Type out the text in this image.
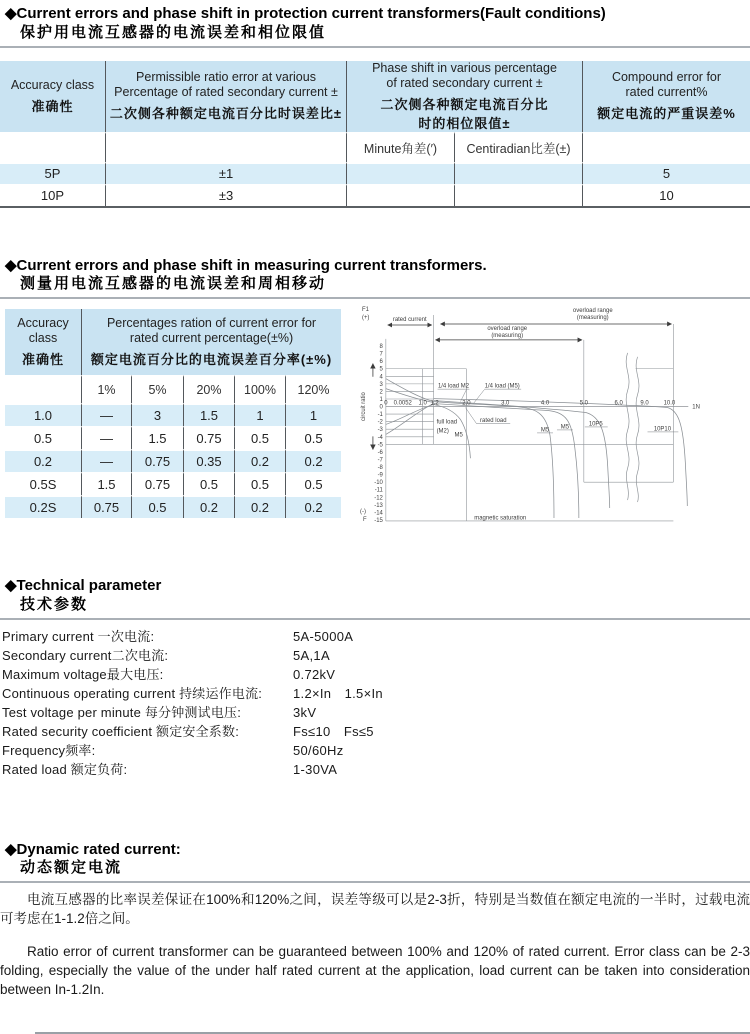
◆Current errors and phase shift in protection current transformers(Fault conditions)
保护用电流互感器的电流误差和相位限值
Accuracy class
准确性

Permissible ratio error at various Percentage of rated secondary current ±
二次侧各种额定电流百分比时误差比±

Phase shift in various percentage of rated secondary current ±
二次侧各种额定电流百分比时的相位限值±

Compound error for rated current%
额定电流的严重误差%

		Minute角差(′)	Centiradian比差(±)	
5P	±1			5
10P	±3			10
◆Current errors and phase shift in measuring current transformers.
测量用电流互感器的电流误差和周相移动
Accuracy class
准确性

Percentages ration of current error for rated current percentage(±%)
额定电流百分比的电流误差百分率(±%)

	1%	5%	20%	100%	120%
1.0	—	3	1.5	1	1
0.5	—	1.5	0.75	0.5	0.5
0.2	—	0.75	0.35	0.2	0.2
0.5S	1.5	0.75	0.5	0.5	0.5
0.2S	0.75	0.5	0.2	0.2	0.2
F1
(+)
(-)
F
circuit ratio	1N
rated current
overload range
(measuring)
overload range
(measuring)
1/4 load M2	1/4 load (M5)
full load
(M2)
M5
rated load
M5 M5	10P5
10P10
magnetic saturation
0 0.0052 1.0 1.2	2.0	3.0	4.0	5.0	6.0	9.0 10.0
8
7
6
5
4
3
2
1
0
-1
-2
-3
-4
-5
-6
-7
-8
-9
-10
-11
-12
-13
-14
-15
◆Technical parameter
技术参数
Primary current 一次电流:	5A-5000A
Secondary current二次电流:	5A,1A
Maximum voltage最大电压:	0.72kV
Continuous operating current 持续运作电流:	1.2×In　1.5×In
Test voltage per minute 每分钟测试电压:	3kV
Rated security coefficient 额定安全系数:	Fs≤10　Fs≤5
Frequency频率:	50/60Hz
Rated load 额定负荷:	1-30VA
◆Dynamic rated current:
动态额定电流

电流互感器的比率误差保证在100%和120%之间，误差等级可以是2-3折，特别是当数值在额定电流的一半时，过载电流可考虑在1-1.2倍之间。

Ratio error of current transformer can be guaranteed between 100% and 120% of rated current. Error class can be 2-3 folding, especially the value of the under half rated current at the application, load current can be taken into consideration between In-1.2In.
